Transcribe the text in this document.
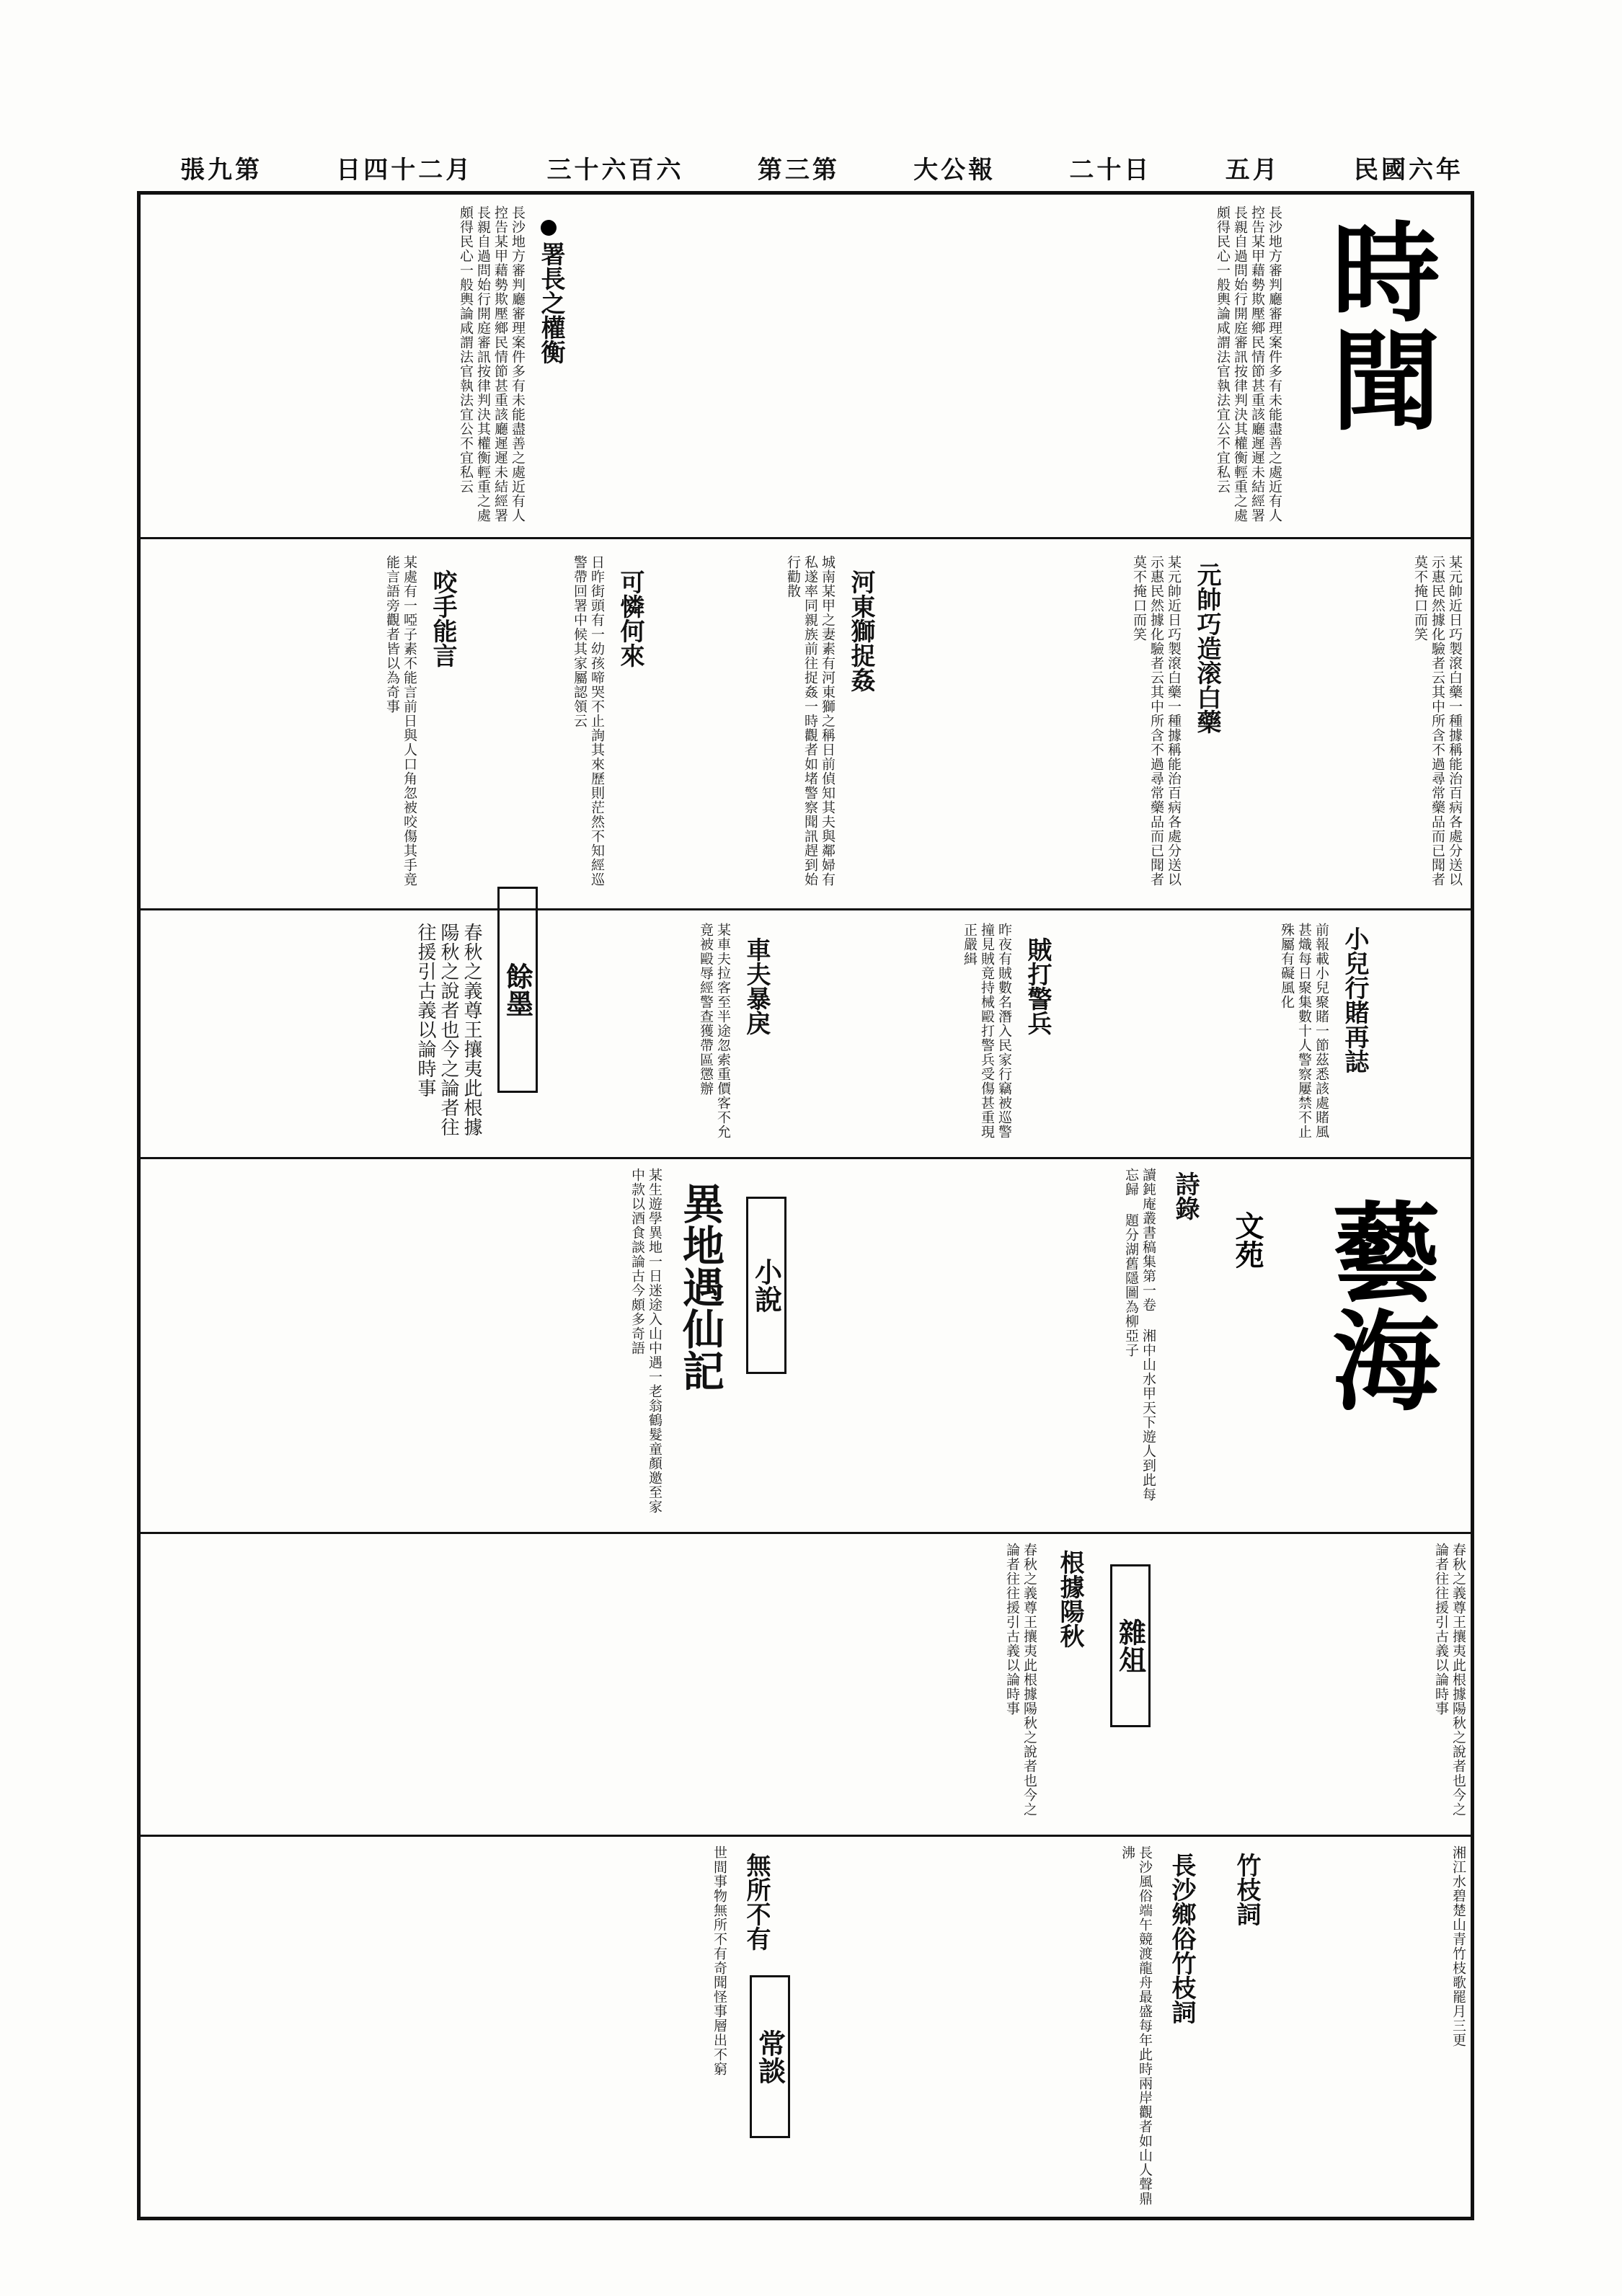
張九第	日四十二月	三十六百六	第三第	大公報	二十日	五月	民國六年
時聞
藝海
文苑
長沙地方審判廳審理案件多有未能盡善之處近有人控告某甲藉勢欺壓鄉民情節甚重該廳遲遲未結經署長親自過問始行開庭審訊按律判決其權衡輕重之處頗得民心一般輿論咸謂法官執法宜公不宜私云
署長之權衡
長沙地方審判廳審理案件多有未能盡善之處近有人控告某甲藉勢欺壓鄉民情節甚重該廳遲遲未結經署長親自過問始行開庭審訊按律判決其權衡輕重之處頗得民心一般輿論咸謂法官執法宜公不宜私云
元帥巧造滚白藥	某元帥近日巧製滾白藥一種據稱能治百病各處分送以示惠民然據化驗者云其中所含不過尋常藥品而已聞者莫不掩口而笑
某元帥近日巧製滾白藥一種據稱能治百病各處分送以示惠民然據化驗者云其中所含不過尋常藥品而已聞者莫不掩口而笑
河東獅捉姦
城南某甲之妻素有河東獅之稱日前偵知其夫與鄰婦有私遂率同親族前往捉姦一時觀者如堵警察聞訊趕到始行勸散
可憐何來
日昨街頭有一幼孩啼哭不止詢其來歷則茫然不知經巡警帶回署中候其家屬認領云
咬手能言
某處有一啞子素不能言前日與人口角忽被咬傷其手竟能言語旁觀者皆以為奇事
小兒行賭再誌
前報載小兒聚賭一節茲悉該處賭風甚熾每日聚集數十人警察屢禁不止殊屬有礙風化
賊打警兵
昨夜有賊數名潛入民家行竊被巡警撞見賊竟持械毆打警兵受傷甚重現正嚴緝
車夫暴戾
某車夫拉客至半途忽索重價客不允竟被毆辱經警查獲帶區懲辦
餘墨
春秋之義尊王攘夷此根據陽秋之說者也今之論者往往援引古義以論時事
詩錄
讀鈍庵叢書稿集第一卷 湘中山水甲天下遊人到此每忘歸 題分湖舊隱圖為柳亞子
小說
異地遇仙記
某生遊學異地一日迷途入山中遇一老翁鶴髮童顏邀至家中款以酒食談論古今頗多奇語
春秋之義尊王攘夷此根據陽秋之說者也今之論者往往援引古義以論時事
雜俎
根據陽秋
春秋之義尊王攘夷此根據陽秋之說者也今之論者往往援引古義以論時事
竹枝詞	湘江水碧楚山青竹枝歌罷月三更
長沙鄉俗竹枝詞
長沙風俗端午競渡龍舟最盛每年此時兩岸觀者如山人聲鼎沸
無所不有
常談
世間事物無所不有奇聞怪事層出不窮
